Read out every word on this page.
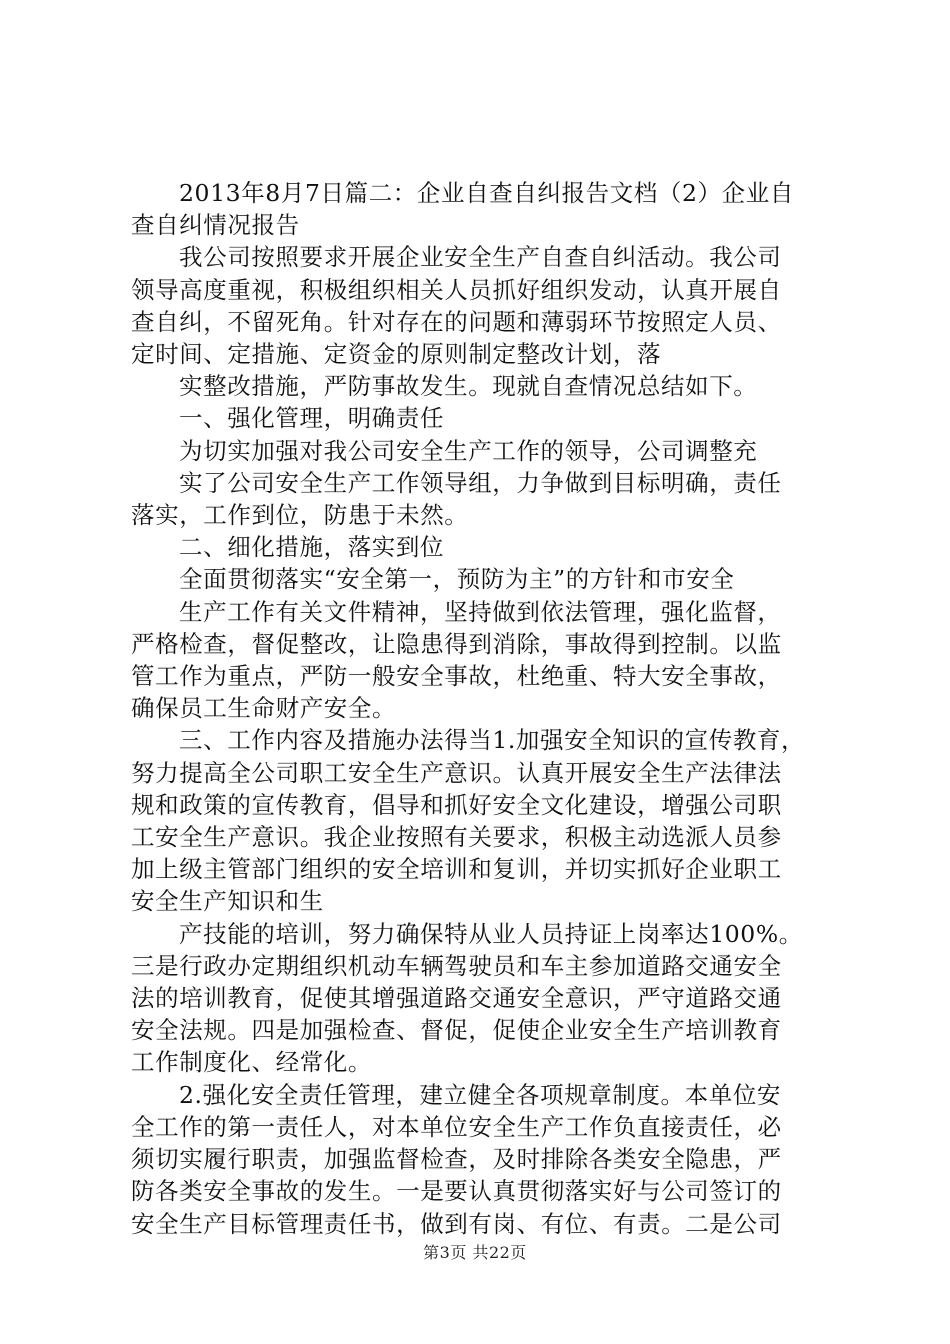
2013年8月7日篇二：企业自查自纠报告文档（2）企业自
查自纠情况报告
我公司按照要求开展企业安全生产自查自纠活动。我公司
领导高度重视，积极组织相关人员抓好组织发动，认真开展自
查自纠，不留死角。针对存在的问题和薄弱环节按照定人员、
定时间、定措施、定资金的原则制定整改计划，落
实整改措施，严防事故发生。现就自查情况总结如下。
一、强化管理，明确责任
为切实加强对我公司安全生产工作的领导，公司调整充
实了公司安全生产工作领导组，力争做到目标明确，责任
落实，工作到位，防患于未然。
二、细化措施，落实到位
全面贯彻落实“安全第一，预防为主”的方针和市安全
生产工作有关文件精神，坚持做到依法管理，强化监督，
严格检查，督促整改，让隐患得到消除，事故得到控制。以监
管工作为重点，严防一般安全事故，杜绝重、特大安全事故，
确保员工生命财产安全。
三、工作内容及措施办法得当1.加强安全知识的宣传教育，
努力提高全公司职工安全生产意识。认真开展安全生产法律法
规和政策的宣传教育，倡导和抓好安全文化建设，增强公司职
工安全生产意识。我企业按照有关要求，积极主动选派人员参
加上级主管部门组织的安全培训和复训，并切实抓好企业职工
安全生产知识和生
产技能的培训，努力确保特从业人员持证上岗率达100%。
三是行政办定期组织机动车辆驾驶员和车主参加道路交通安全
法的培训教育，促使其增强道路交通安全意识，严守道路交通
安全法规。四是加强检查、督促，促使企业安全生产培训教育
工作制度化、经常化。
2.强化安全责任管理，建立健全各项规章制度。本单位安
全工作的第一责任人，对本单位安全生产工作负直接责任，必
须切实履行职责，加强监督检查，及时排除各类安全隐患，严
防各类安全事故的发生。一是要认真贯彻落实好与公司签订的
安全生产目标管理责任书，做到有岗、有位、有责。二是公司
第3页 共22页
